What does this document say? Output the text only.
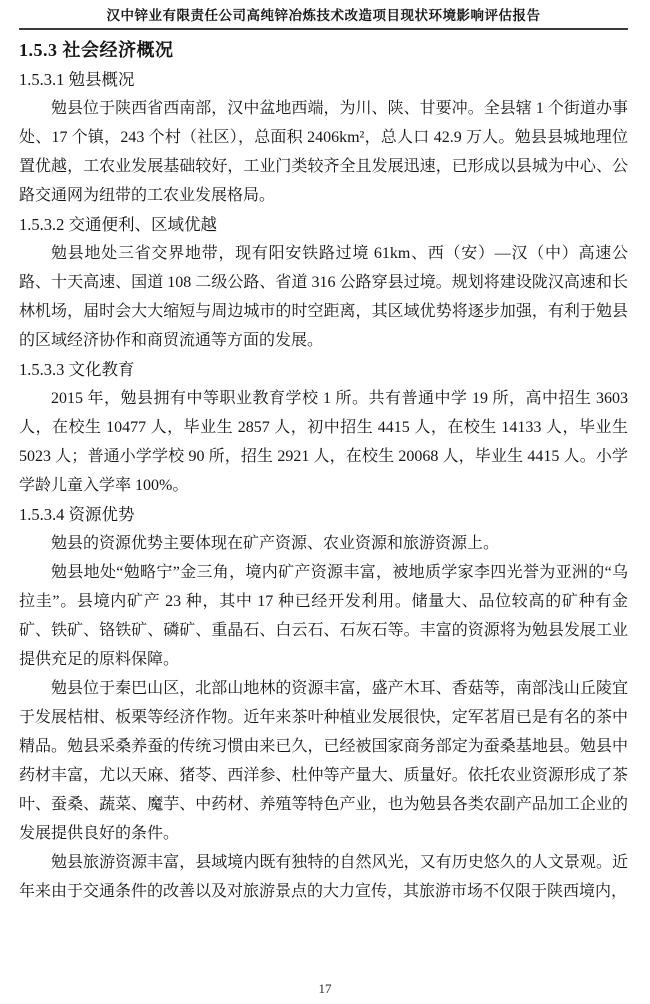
汉中锌业有限责任公司高纯锌冶炼技术改造项目现状环境影响评估报告
1.5.3 社会经济概况
1.5.3.1 勉县概况

勉县位于陕西省西南部，汉中盆地西端，为川、陕、甘要冲。全县辖 1 个街道办事处、17 个镇，243 个村（社区），总面积 2406km²，总人口 42.9 万人。勉县县城地理位置优越，工农业发展基础较好，工业门类较齐全且发展迅速，已形成以县城为中心、公路交通网为纽带的工农业发展格局。

1.5.3.2 交通便利、区域优越

勉县地处三省交界地带，现有阳安铁路过境 61km、西（安）—汉（中）高速公路、十天高速、国道 108 二级公路、省道 316 公路穿县过境。规划将建设陇汉高速和长林机场，届时会大大缩短与周边城市的时空距离，其区域优势将逐步加强，有利于勉县的区域经济协作和商贸流通等方面的发展。

1.5.3.3 文化教育

2015 年，勉县拥有中等职业教育学校 1 所。共有普通中学 19 所，高中招生 3603 人，在校生 10477 人，毕业生 2857 人，初中招生 4415 人，在校生 14133 人，毕业生 5023 人；普通小学学校 90 所，招生 2921 人，在校生 20068 人，毕业生 4415 人。小学学龄儿童入学率 100%。

1.5.3.4 资源优势

勉县的资源优势主要体现在矿产资源、农业资源和旅游资源上。

勉县地处“勉略宁”金三角，境内矿产资源丰富，被地质学家李四光誉为亚洲的“乌拉圭”。县境内矿产 23 种，其中 17 种已经开发利用。储量大、品位较高的矿种有金矿、铁矿、铬铁矿、磷矿、重晶石、白云石、石灰石等。丰富的资源将为勉县发展工业提供充足的原料保障。

勉县位于秦巴山区，北部山地林的资源丰富，盛产木耳、香菇等，南部浅山丘陵宜于发展桔柑、板栗等经济作物。近年来茶叶种植业发展很快，定军茗眉已是有名的茶中精品。勉县采桑养蚕的传统习惯由来已久，已经被国家商务部定为蚕桑基地县。勉县中药材丰富，尤以天麻、猪苓、西洋参、杜仲等产量大、质量好。依托农业资源形成了茶叶、蚕桑、蔬菜、魔芋、中药材、养殖等特色产业，也为勉县各类农副产品加工企业的发展提供良好的条件。

勉县旅游资源丰富，县域境内既有独特的自然风光，又有历史悠久的人文景观。近年来由于交通条件的改善以及对旅游景点的大力宣传，其旅游市场不仅限于陕西境内，

17
